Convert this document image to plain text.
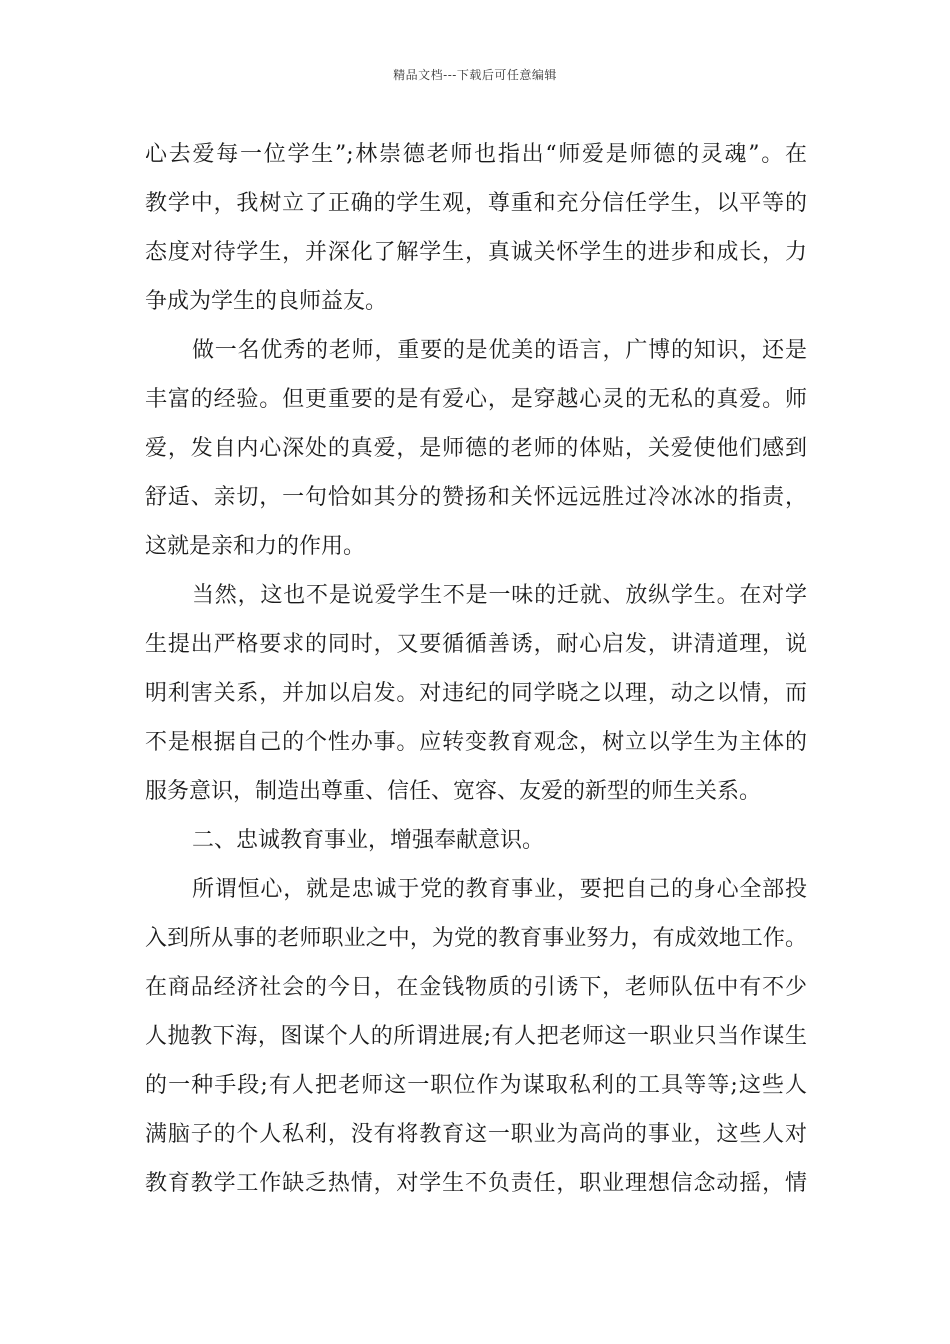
精品文档---下载后可任意编辑
心去爱每一位学生”;林崇德老师也指出“师爱是师德的灵魂”。在
教学中，我树立了正确的学生观，尊重和充分信任学生，以平等的
态度对待学生，并深化了解学生，真诚关怀学生的进步和成长，力
争成为学生的良师益友。
做一名优秀的老师，重要的是优美的语言，广博的知识，还是
丰富的经验。但更重要的是有爱心，是穿越心灵的无私的真爱。师
爱，发自内心深处的真爱，是师德的老师的体贴，关爱使他们感到
舒适、亲切，一句恰如其分的赞扬和关怀远远胜过冷冰冰的指责，
这就是亲和力的作用。
当然，这也不是说爱学生不是一味的迁就、放纵学生。在对学
生提出严格要求的同时，又要循循善诱，耐心启发，讲清道理，说
明利害关系，并加以启发。对违纪的同学晓之以理，动之以情，而
不是根据自己的个性办事。应转变教育观念，树立以学生为主体的
服务意识，制造出尊重、信任、宽容、友爱的新型的师生关系。
二、忠诚教育事业，增强奉献意识。
所谓恒心，就是忠诚于党的教育事业，要把自己的身心全部投
入到所从事的老师职业之中，为党的教育事业努力，有成效地工作。
在商品经济社会的今日，在金钱物质的引诱下，老师队伍中有不少
人抛教下海，图谋个人的所谓进展;有人把老师这一职业只当作谋生
的一种手段;有人把老师这一职位作为谋取私利的工具等等;这些人
满脑子的个人私利，没有将教育这一职业为高尚的事业，这些人对
教育教学工作缺乏热情，对学生不负责任，职业理想信念动摇，情
